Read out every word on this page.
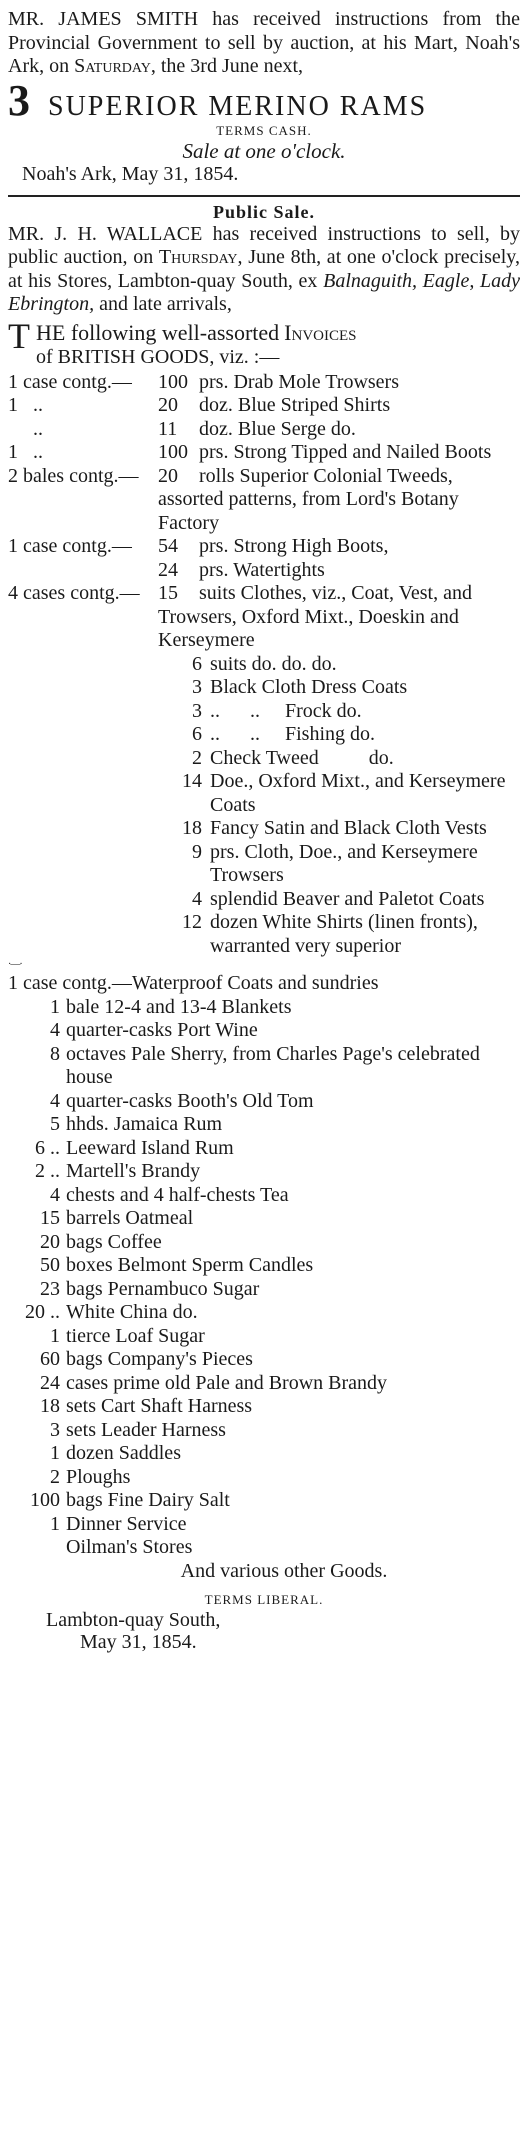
MR. JAMES SMITH has received instructions from the Provincial Government to sell by auction, at his Mart, Noah's Ark, on Saturday, the 3rd June next,

3 SUPERIOR MERINO RAMS
TERMS CASH.
Sale at one o'clock.
Noah's Ark, May 31, 1854.
Public Sale.

MR. J. H. WALLACE has received instructions to sell, by public auction, on Thursday, June 8th, at one o'clock precisely, at his Stores, Lambton-quay South, ex Balnaguith, Eagle, Lady Ebrington, and late arrivals,

T HE following well-assorted Invoices
of BRITISH GOODS, viz. :—
1 case contg.—	100 prs. Drab Mole Trowsers
1   ..	20 doz. Blue Striped Shirts
..	11 doz. Blue Serge do.
1   ..	100 prs. Strong Tipped and Nailed Boots
2 bales contg.— 20 rolls Superior Colonial Tweeds, assorted patterns, from Lord's Botany Factory
1 case contg.—	54 prs. Strong High Boots,
24 prs. Watertights
4 cases contg.— 15 suits Clothes, viz., Coat, Vest, and Trowsers, Oxford Mixt., Doeskin and Kerseymere
6 suits do. do. do.
3 Black Cloth Dress Coats
3 ..      ..     Frock do.
6 ..      ..     Fishing do.
2 Check Tweed          do.
14 Doe., Oxford Mixt., and Kerseymere Coats
18 Fancy Satin and Black Cloth Vests
9 prs. Cloth, Doe., and Kerseymere Trowsers
4 splendid Beaver and Paletot Coats
12 dozen White Shirts (linen fronts), warranted very superior
·—·
1 case contg.—Waterproof Coats and sundries
1 bale 12-4 and 13-4 Blankets
4 quarter-casks Port Wine
8 octaves Pale Sherry, from Charles Page's celebrated house
4 quarter-casks Booth's Old Tom
5 hhds. Jamaica Rum
6 .. Leeward Island Rum
2 .. Martell's Brandy
4 chests and 4 half-chests Tea
15 barrels Oatmeal
20 bags Coffee
50 boxes Belmont Sperm Candles
23 bags Pernambuco Sugar
20 .. White China do.
1 tierce Loaf Sugar
60 bags Company's Pieces
24 cases prime old Pale and Brown Brandy
18 sets Cart Shaft Harness
3 sets Leader Harness
1 dozen Saddles
2 Ploughs
100 bags Fine Dairy Salt
1 Dinner Service
Oilman's Stores
And various other Goods.
TERMS LIBERAL.
Lambton-quay South,
May 31, 1854.
